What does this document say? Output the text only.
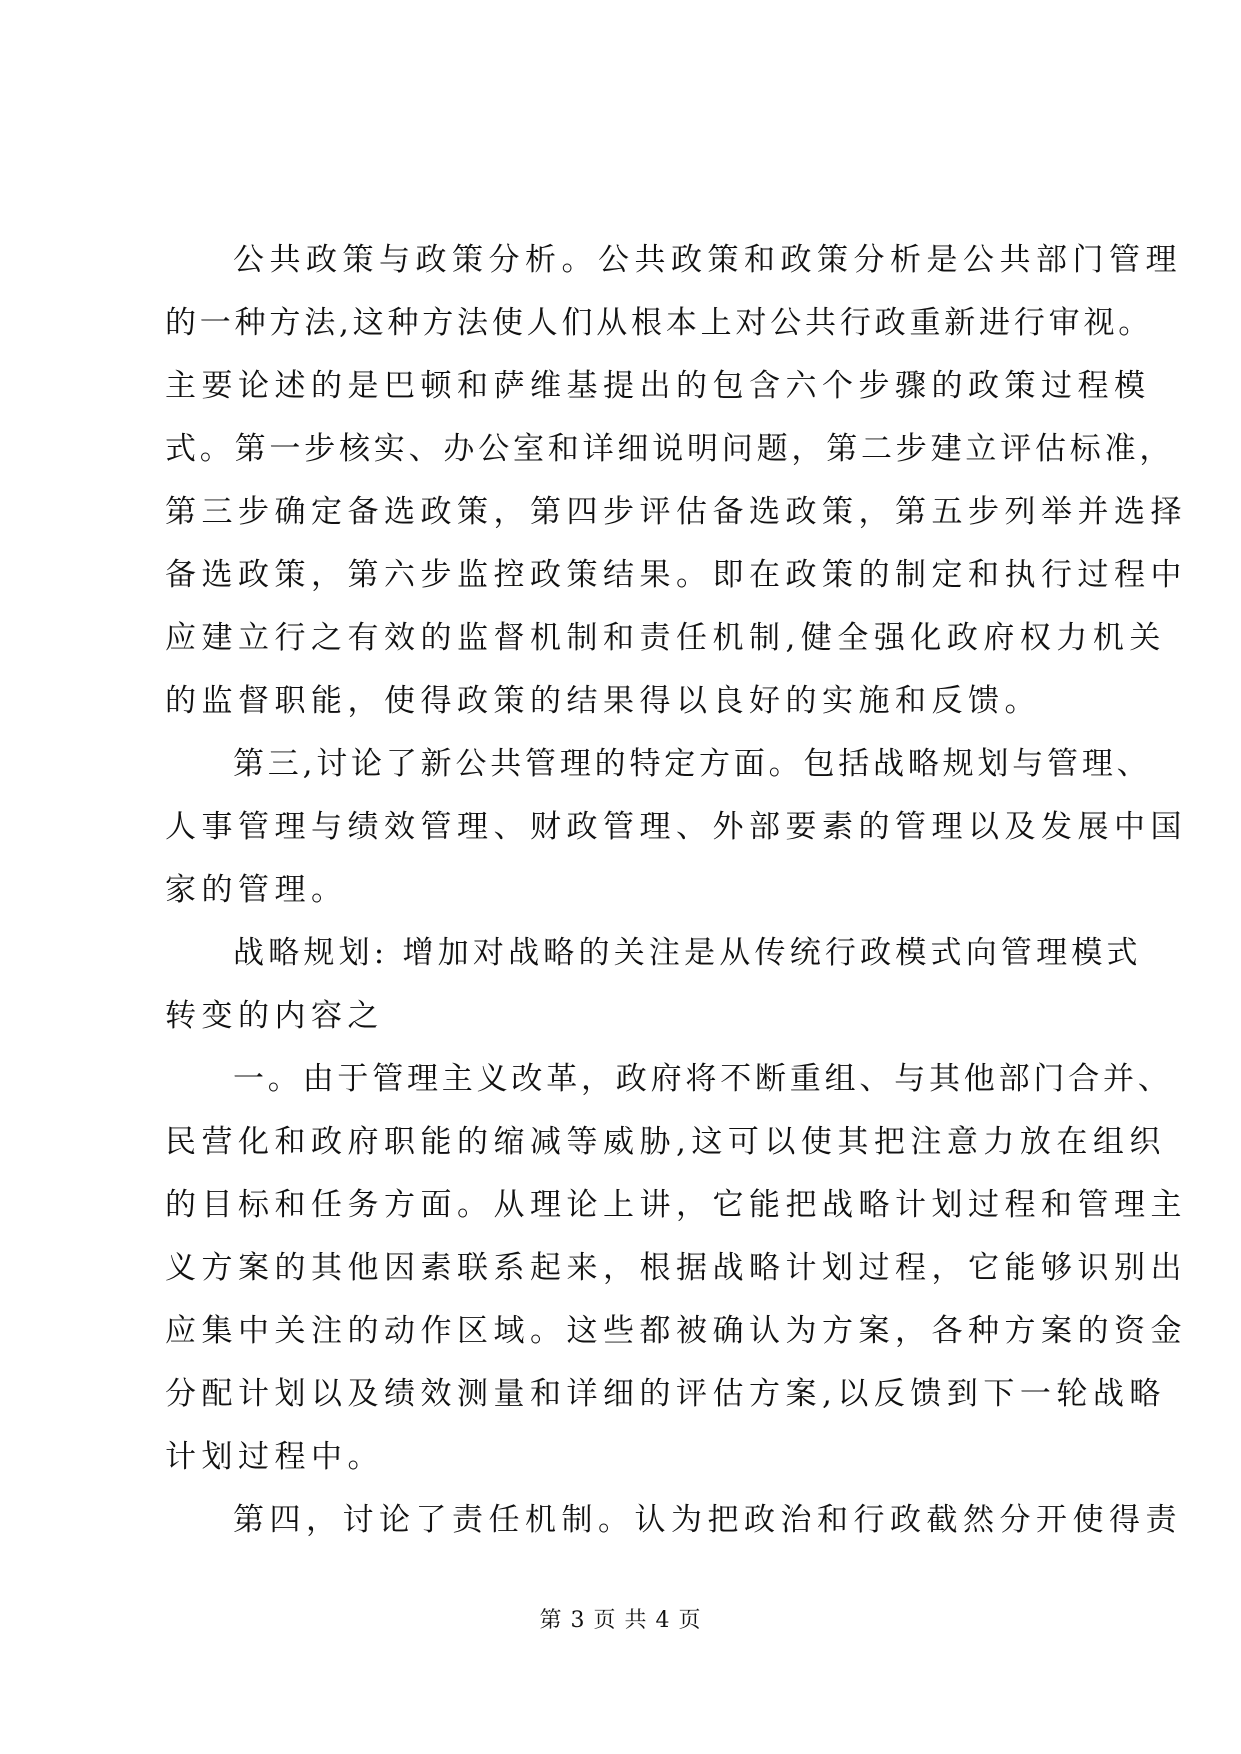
公共政策与政策分析。公共政策和政策分析是公共部门管理
的一种方法,这种方法使人们从根本上对公共行政重新进行审视。
主要论述的是巴顿和萨维基提出的包含六个步骤的政策过程模
式。第一步核实、办公室和详细说明问题，第二步建立评估标准，
第三步确定备选政策，第四步评估备选政策，第五步列举并选择
备选政策，第六步监控政策结果。即在政策的制定和执行过程中
应建立行之有效的监督机制和责任机制,健全强化政府权力机关
的监督职能，使得政策的结果得以良好的实施和反馈。
第三,讨论了新公共管理的特定方面。包括战略规划与管理、
人事管理与绩效管理、财政管理、外部要素的管理以及发展中国
家的管理。
战略规划: 增加对战略的关注是从传统行政模式向管理模式
转变的内容之
一。由于管理主义改革，政府将不断重组、与其他部门合并、
民营化和政府职能的缩减等威胁,这可以使其把注意力放在组织
的目标和任务方面。从理论上讲，它能把战略计划过程和管理主
义方案的其他因素联系起来，根据战略计划过程，它能够识别出
应集中关注的动作区域。这些都被确认为方案，各种方案的资金
分配计划以及绩效测量和详细的评估方案,以反馈到下一轮战略
计划过程中。
第四，讨论了责任机制。认为把政治和行政截然分开使得责
第 3 页 共 4 页
